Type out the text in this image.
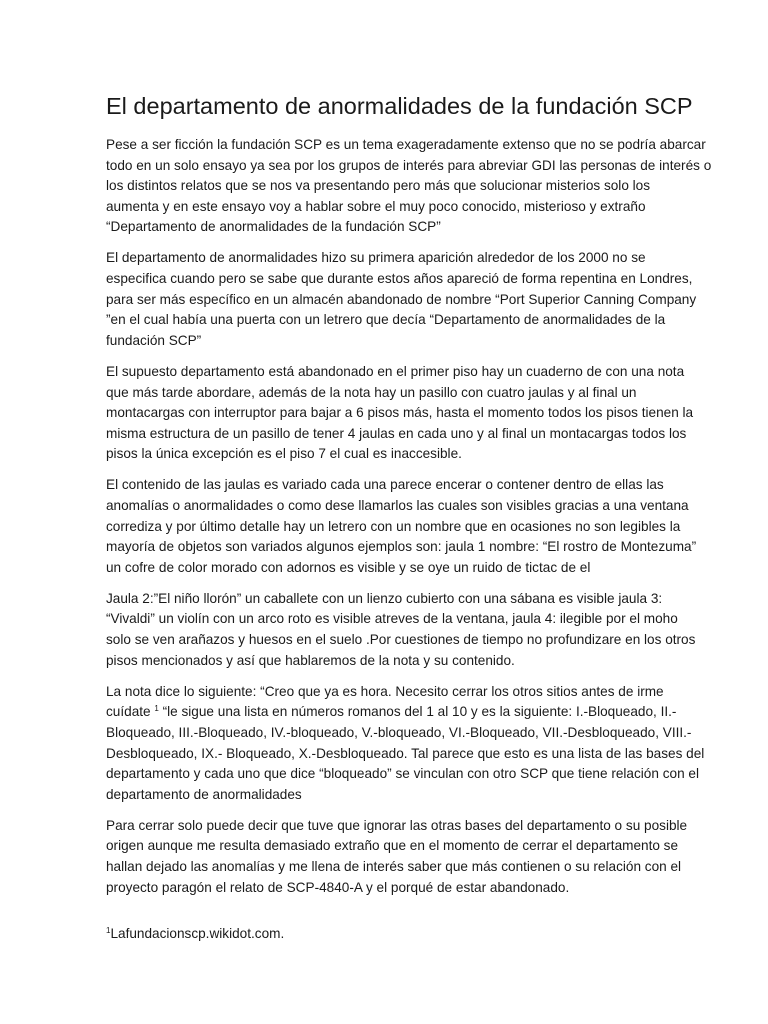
El departamento de anormalidades de la fundación SCP

Pese a ser ficción la fundación SCP es un tema exageradamente extenso que no se podría abarcar
todo en un solo ensayo ya sea por los grupos de interés para abreviar GDI las personas de interés o
los distintos relatos que se nos va presentando pero más que solucionar misterios solo los
aumenta y en este ensayo voy a hablar sobre el muy poco conocido, misterioso y extraño
“Departamento de anormalidades de la fundación SCP”

El departamento de anormalidades hizo su primera aparición alrededor de los 2000 no se
especifica cuando pero se sabe que durante estos años apareció de forma repentina en Londres,
para ser más específico en un almacén abandonado de nombre “Port Superior Canning Company
”en el cual había una puerta con un letrero que decía “Departamento de anormalidades de la
fundación SCP”

El supuesto departamento está abandonado en el primer piso hay un cuaderno de con una nota
que más tarde abordare, además de la nota hay un pasillo con cuatro jaulas y al final un
montacargas con interruptor para bajar a 6 pisos más, hasta el momento todos los pisos tienen la
misma estructura de un pasillo de tener 4 jaulas en cada uno y al final un montacargas todos los
pisos la única excepción es el piso 7 el cual es inaccesible.

El contenido de las jaulas es variado cada una parece encerar o contener dentro de ellas las
anomalías o anormalidades o como dese llamarlos las cuales son visibles gracias a una ventana
corrediza y por último detalle hay un letrero con un nombre que en ocasiones no son legibles la
mayoría de objetos son variados algunos ejemplos son: jaula 1 nombre: “El rostro de Montezuma”
un cofre de color morado con adornos es visible y se oye un ruido de tictac de el

Jaula 2:”El niño llorón” un caballete con un lienzo cubierto con una sábana es visible jaula 3:
“Vivaldi” un violín con un arco roto es visible atreves de la ventana, jaula 4: ilegible por el moho
solo se ven arañazos y huesos en el suelo .Por cuestiones de tiempo no profundizare en los otros
pisos mencionados y así que hablaremos de la nota y su contenido.

La nota dice lo siguiente: “Creo que ya es hora. Necesito cerrar los otros sitios antes de irme
cuídate $^1$ “le sigue una lista en números romanos del 1 al 10 y es la siguiente: I.-Bloqueado, II.-
Bloqueado, III.-Bloqueado, IV.-bloqueado, V.-bloqueado, VI.-Bloqueado, VII.-Desbloqueado, VIII.-
Desbloqueado, IX.- Bloqueado, X.-Desbloqueado. Tal parece que esto es una lista de las bases del
departamento y cada uno que dice “bloqueado” se vinculan con otro SCP que tiene relación con el
departamento de anormalidades

Para cerrar solo puede decir que tuve que ignorar las otras bases del departamento o su posible
origen aunque me resulta demasiado extraño que en el momento de cerrar el departamento se
hallan dejado las anomalías y me llena de interés saber que más contienen o su relación con el
proyecto paragón el relato de SCP-4840-A y el porqué de estar abandonado.

$^1$Lafundacionscp.wikidot.com.
